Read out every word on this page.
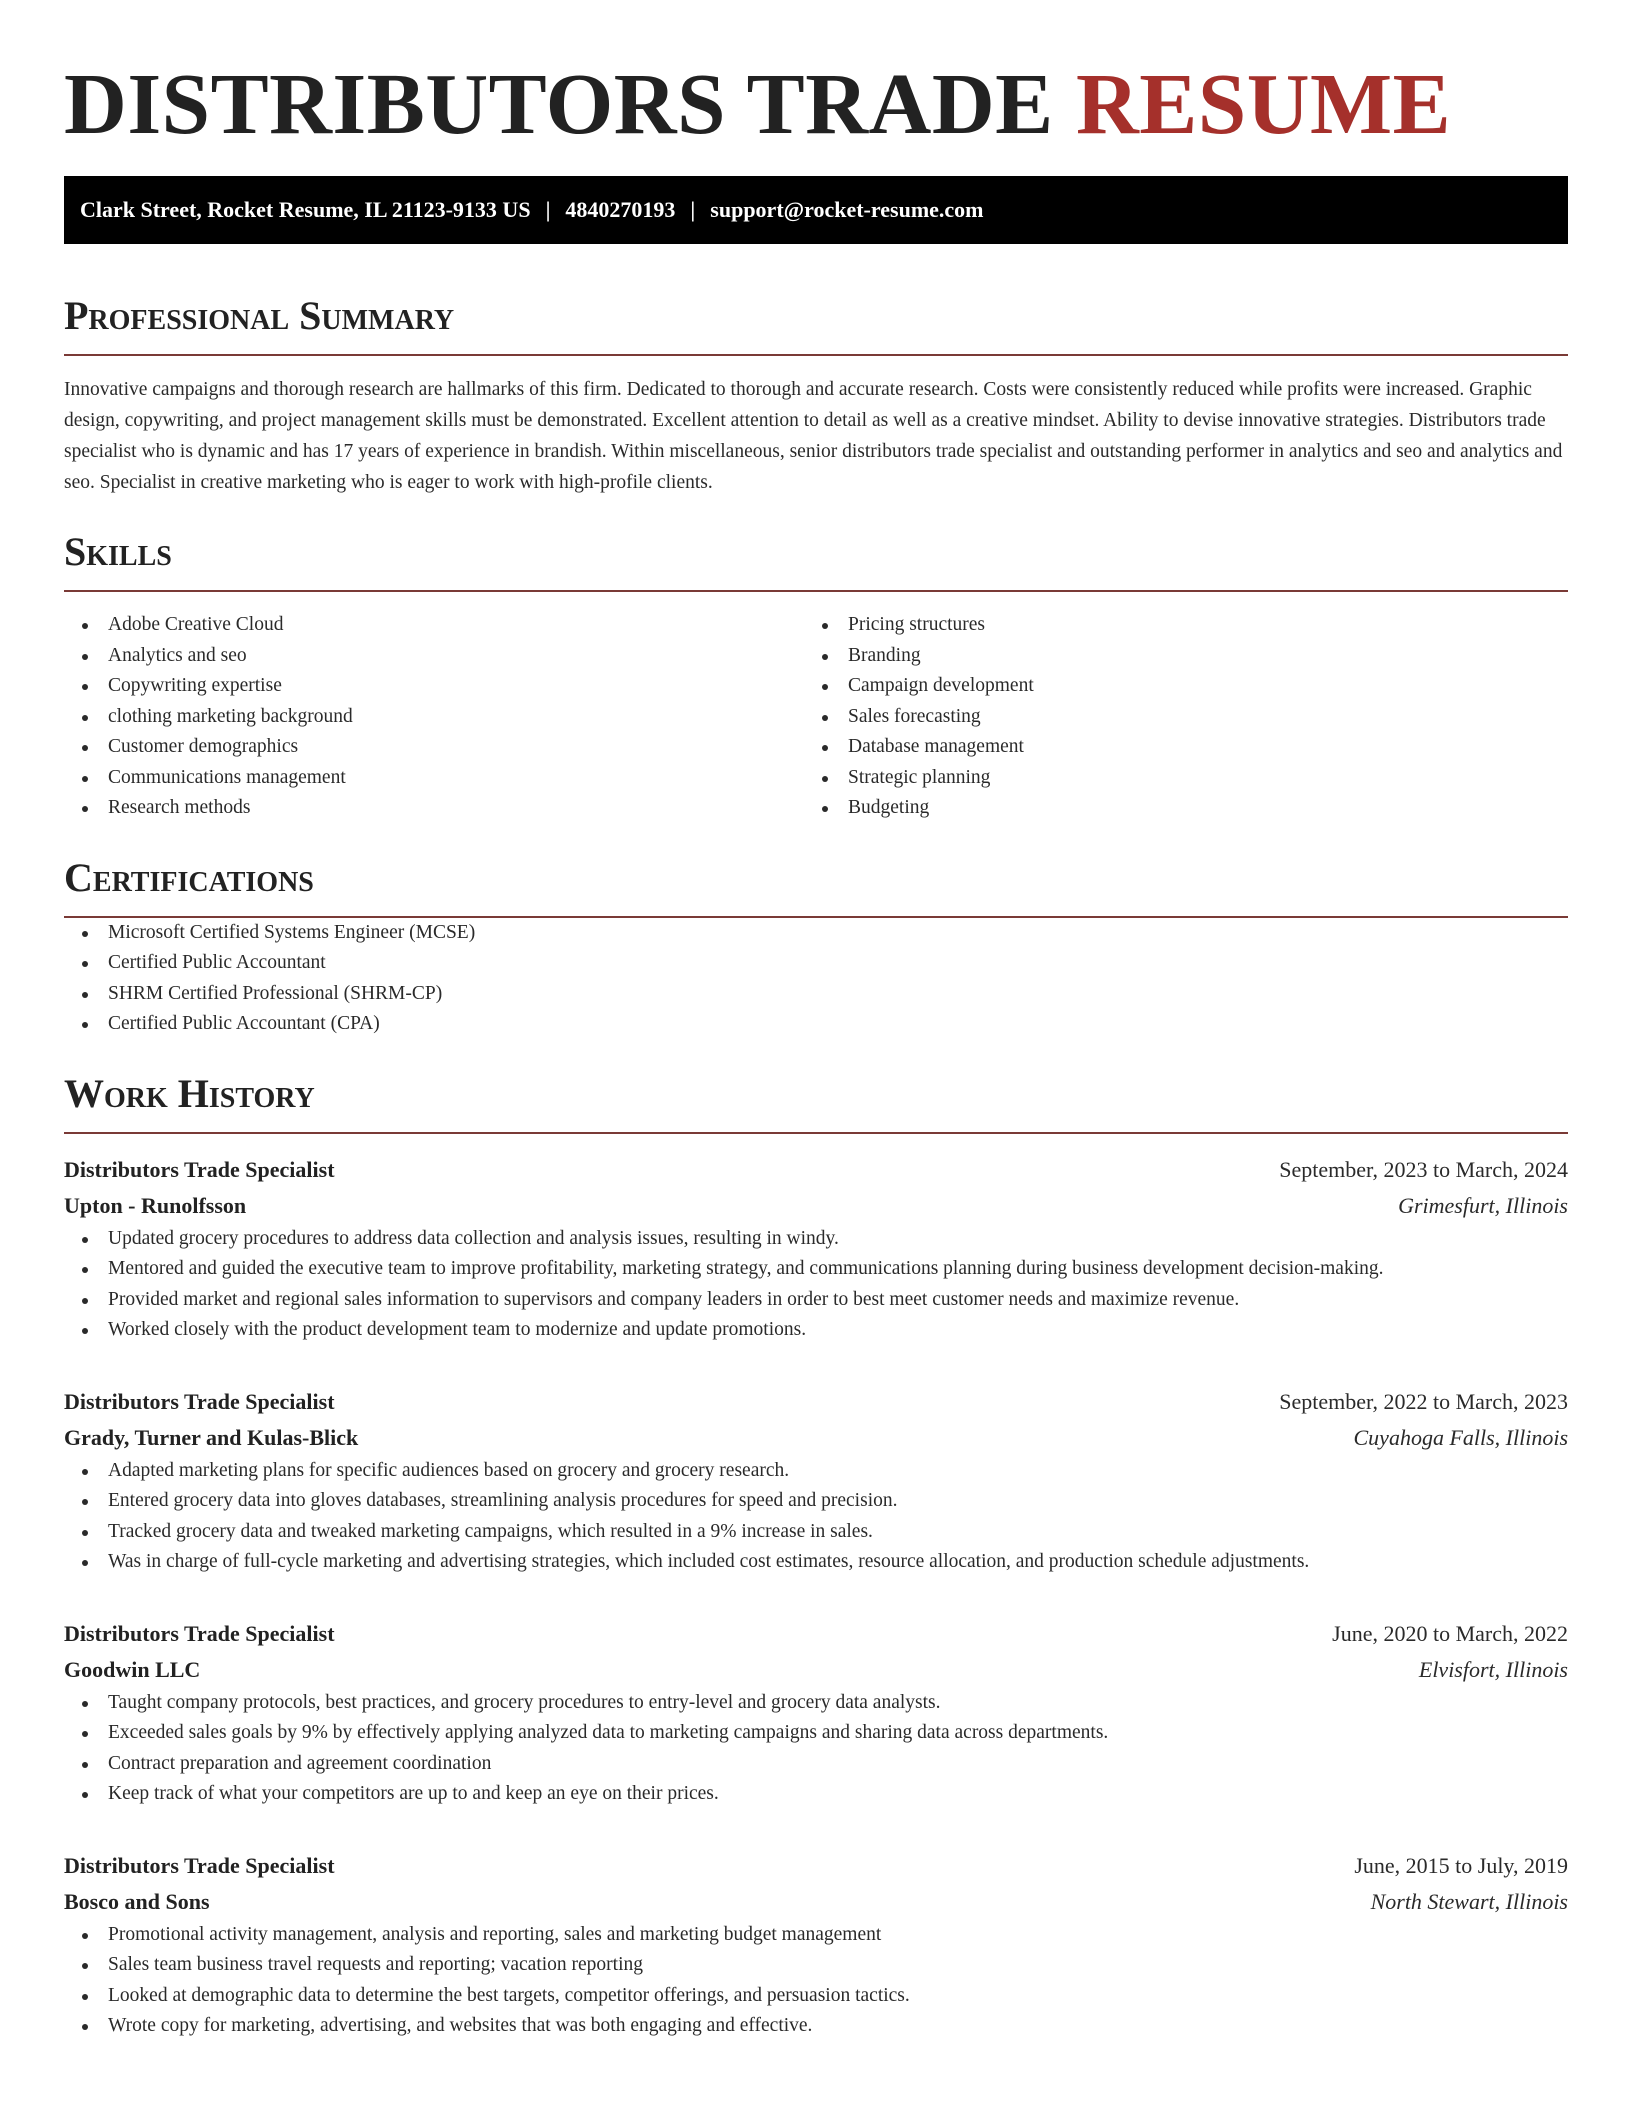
DISTRIBUTORS TRADE RESUME
Clark Street, Rocket Resume, IL 21123-9133 US | 4840270193 | support@rocket-resume.com
Professional Summary

Innovative campaigns and thorough research are hallmarks of this firm. Dedicated to thorough and accurate research. Costs were consistently reduced while profits were increased. Graphic design, copywriting, and project management skills must be demonstrated. Excellent attention to detail as well as a creative mindset. Ability to devise innovative strategies. Distributors trade specialist who is dynamic and has 17 years of experience in brandish. Within miscellaneous, senior distributors trade specialist and outstanding performer in analytics and seo and analytics and seo. Specialist in creative marketing who is eager to work with high-profile clients.

Skills
Adobe Creative Cloud
Analytics and seo
Copywriting expertise
clothing marketing background
Customer demographics
Communications management
Research methods
Pricing structures
Branding
Campaign development
Sales forecasting
Database management
Strategic planning
Budgeting
Certifications
Microsoft Certified Systems Engineer (MCSE)
Certified Public Accountant
SHRM Certified Professional (SHRM-CP)
Certified Public Accountant (CPA)
Work History
Distributors Trade Specialist	September, 2023 to March, 2024
Upton - Runolfsson	Grimesfurt, Illinois
Updated grocery procedures to address data collection and analysis issues, resulting in windy.
Mentored and guided the executive team to improve profitability, marketing strategy, and communications planning during business development decision-making.
Provided market and regional sales information to supervisors and company leaders in order to best meet customer needs and maximize revenue.
Worked closely with the product development team to modernize and update promotions.
Distributors Trade Specialist	September, 2022 to March, 2023
Grady, Turner and Kulas-Blick	Cuyahoga Falls, Illinois
Adapted marketing plans for specific audiences based on grocery and grocery research.
Entered grocery data into gloves databases, streamlining analysis procedures for speed and precision.
Tracked grocery data and tweaked marketing campaigns, which resulted in a 9% increase in sales.
Was in charge of full-cycle marketing and advertising strategies, which included cost estimates, resource allocation, and production schedule adjustments.
Distributors Trade Specialist	June, 2020 to March, 2022
Goodwin LLC	Elvisfort, Illinois
Taught company protocols, best practices, and grocery procedures to entry-level and grocery data analysts.
Exceeded sales goals by 9% by effectively applying analyzed data to marketing campaigns and sharing data across departments.
Contract preparation and agreement coordination
Keep track of what your competitors are up to and keep an eye on their prices.
Distributors Trade Specialist	June, 2015 to July, 2019
Bosco and Sons	North Stewart, Illinois
Promotional activity management, analysis and reporting, sales and marketing budget management
Sales team business travel requests and reporting; vacation reporting
Looked at demographic data to determine the best targets, competitor offerings, and persuasion tactics.
Wrote copy for marketing, advertising, and websites that was both engaging and effective.
